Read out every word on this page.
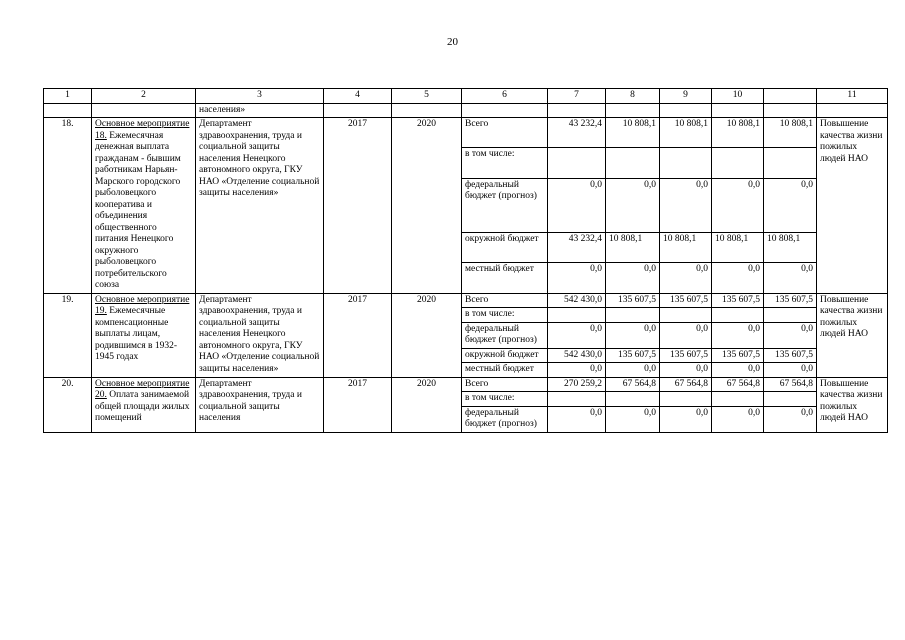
20
1	2	3	4	5	6	7	8	9	10		11
		населения»									
18.	Основное мероприятие 18. Ежемесячная денежная выплата гражданам - бывшим работникам Нарьян-Марского городского рыболовецкого кооператива и объединения общественного питания Ненецкого окружного рыболовецкого потребительского союза	Департамент здравоохранения, труда и социальной защиты населения Ненецкого автономного округа, ГКУ НАО «Отделение социальной защиты населения»	2017	2020	Всего	43 232,4	10 808,1	10 808,1	10 808,1	10 808,1	Повышение качества жизни пожилых людей НАО
					в том числе:						
					федеральный бюджет (прогноз)	0,0	0,0	0,0	0,0	0,0	
					окружной бюджет	43 232,4	10 808,1	10 808,1	10 808,1	10 808,1	
					местный бюджет	0,0	0,0	0,0	0,0	0,0	
19.	Основное мероприятие 19. Ежемесячные компенсационные выплаты лицам, родившимся в 1932-1945 годах	Департамент здравоохранения, труда и социальной защиты населения Ненецкого автономного округа, ГКУ НАО «Отделение социальной защиты населения»	2017	2020	Всего	542 430,0	135 607,5	135 607,5	135 607,5	135 607,5	Повышение качества жизни пожилых людей НАО
					в том числе:						
					федеральный бюджет (прогноз)	0,0	0,0	0,0	0,0	0,0	
					окружной бюджет	542 430,0	135 607,5	135 607,5	135 607,5	135 607,5	
					местный бюджет	0,0	0,0	0,0	0,0	0,0	
20.	Основное мероприятие 20. Оплата занимаемой общей площади жилых помещений	Департамент здравоохранения, труда и социальной защиты населения	2017	2020	Всего	270 259,2	67 564,8	67 564,8	67 564,8	67 564,8	Повышение качества жизни пожилых людей НАО
					в том числе:						
					федеральный бюджет (прогноз)	0,0	0,0	0,0	0,0	0,0	
